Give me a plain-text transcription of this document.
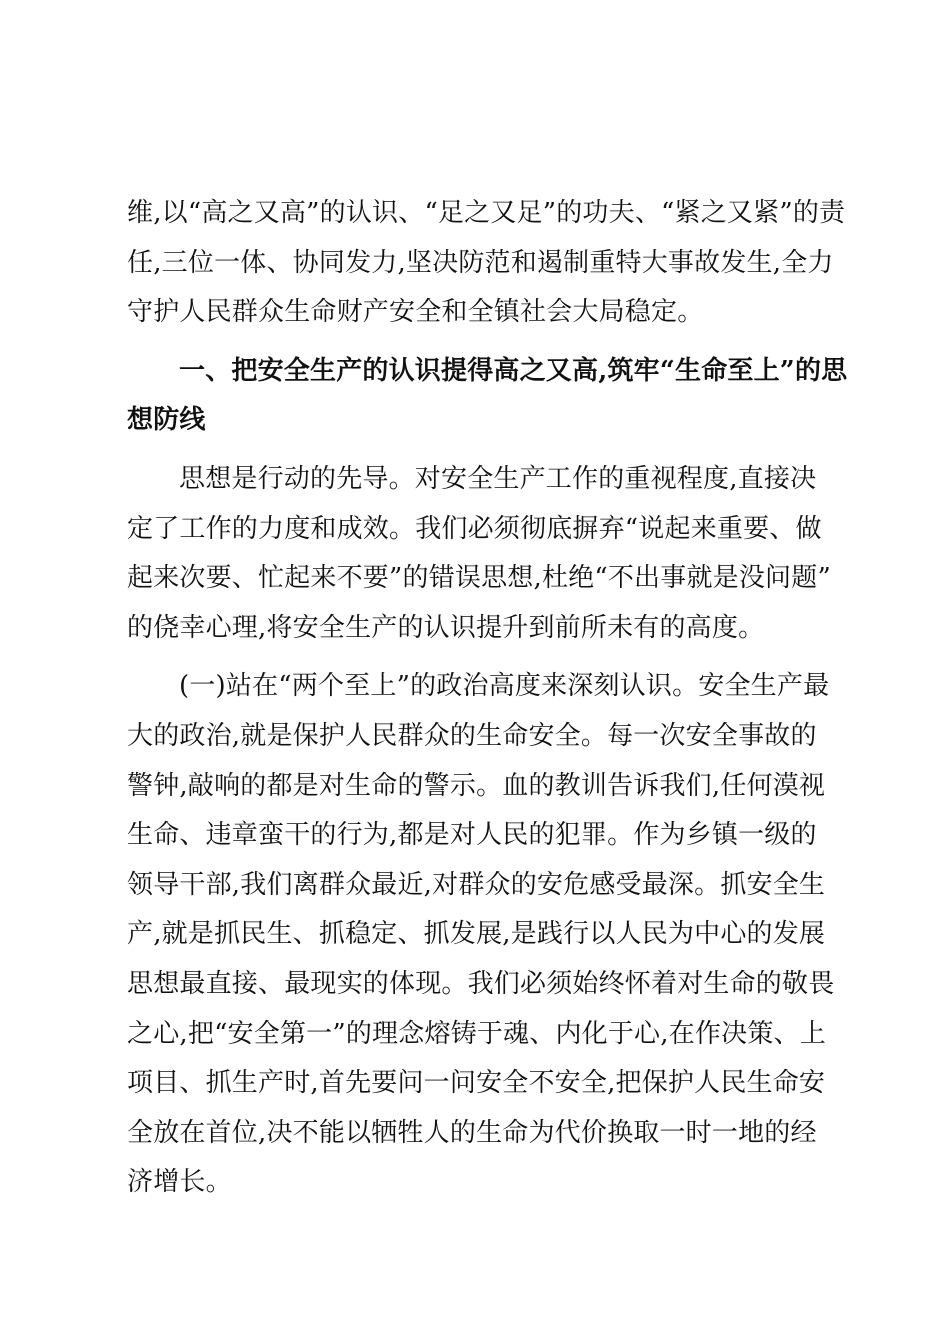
维,以“高之又高”的认识、“足之又足”的功夫、“紧之又紧”的责
任,三位一体、协同发力,坚决防范和遏制重特大事故发生,全力
守护人民群众生命财产安全和全镇社会大局稳定。
一、把安全生产的认识提得高之又高,筑牢“生命至上”的思
想防线
思想是行动的先导。对安全生产工作的重视程度,直接决
定了工作的力度和成效。我们必须彻底摒弃“说起来重要、做
起来次要、忙起来不要”的错误思想,杜绝“不出事就是没问题”
的侥幸心理,将安全生产的认识提升到前所未有的高度。
(一)站在“两个至上”的政治高度来深刻认识。安全生产最
大的政治,就是保护人民群众的生命安全。每一次安全事故的
警钟,敲响的都是对生命的警示。血的教训告诉我们,任何漠视
生命、违章蛮干的行为,都是对人民的犯罪。作为乡镇一级的
领导干部,我们离群众最近,对群众的安危感受最深。抓安全生
产,就是抓民生、抓稳定、抓发展,是践行以人民为中心的发展
思想最直接、最现实的体现。我们必须始终怀着对生命的敬畏
之心,把“安全第一”的理念熔铸于魂、内化于心,在作决策、上
项目、抓生产时,首先要问一问安全不安全,把保护人民生命安
全放在首位,决不能以牺牲人的生命为代价换取一时一地的经
济增长。
